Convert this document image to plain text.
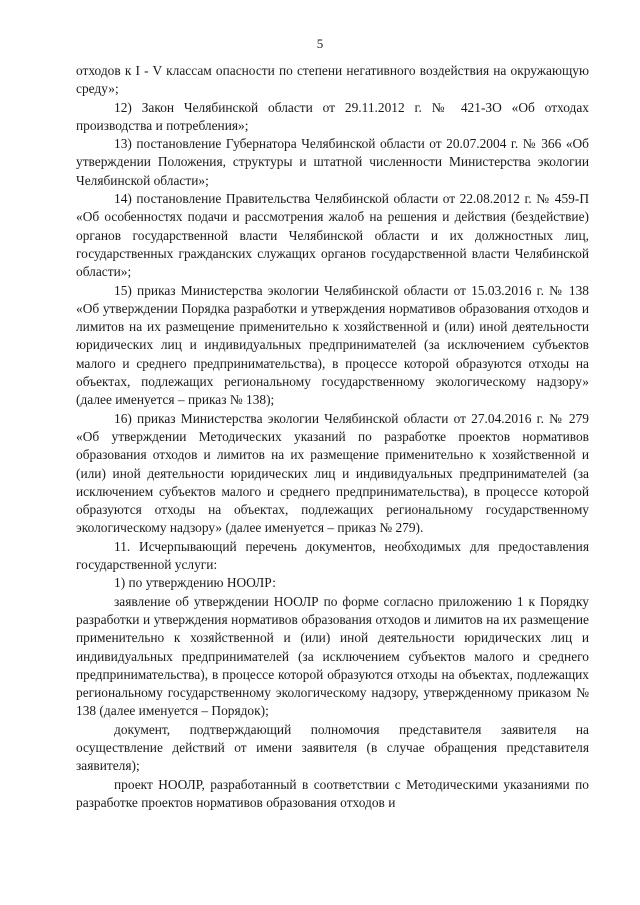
5

отходов к I - V классам опасности по степени негативного воздействия на окружающую среду»;

12) Закон Челябинской области от 29.11.2012 г. № 421-ЗО «Об отходах производства и потребления»;

13) постановление Губернатора Челябинской области от 20.07.2004 г. № 366 «Об утверждении Положения, структуры и штатной численности Министерства экологии Челябинской области»;

14) постановление Правительства Челябинской области от 22.08.2012 г. № 459-П «Об особенностях подачи и рассмотрения жалоб на решения и действия (бездействие) органов государственной власти Челябинской области и их должностных лиц, государственных гражданских служащих органов государственной власти Челябинской области»;

15) приказ Министерства экологии Челябинской области от 15.03.2016 г. № 138 «Об утверждении Порядка разработки и утверждения нормативов образования отходов и лимитов на их размещение применительно к хозяйственной и (или) иной деятельности юридических лиц и индивидуальных предпринимателей (за исключением субъектов малого и среднего предпринимательства), в процессе которой образуются отходы на объектах, подлежащих региональному государственному экологическому надзору» (далее именуется – приказ № 138);

16) приказ Министерства экологии Челябинской области от 27.04.2016 г. № 279 «Об утверждении Методических указаний по разработке проектов нормативов образования отходов и лимитов на их размещение применительно к хозяйственной и (или) иной деятельности юридических лиц и индивидуальных предпринимателей (за исключением субъектов малого и среднего предпринимательства), в процессе которой образуются отходы на объектах, подлежащих региональному государственному экологическому надзору» (далее именуется – приказ № 279).

11. Исчерпывающий перечень документов, необходимых для предоставления государственной услуги:

1) по утверждению НООЛР:

заявление об утверждении НООЛР по форме согласно приложению 1 к Порядку разработки и утверждения нормативов образования отходов и лимитов на их размещение применительно к хозяйственной и (или) иной деятельности юридических лиц и индивидуальных предпринимателей (за исключением субъектов малого и среднего предпринимательства), в процессе которой образуются отходы на объектах, подлежащих региональному государственному экологическому надзору, утвержденному приказом № 138 (далее именуется – Порядок);

документ, подтверждающий полномочия представителя заявителя на осуществление действий от имени заявителя (в случае обращения представителя заявителя);

проект НООЛР, разработанный в соответствии с Методическими указаниями по разработке проектов нормативов образования отходов и
